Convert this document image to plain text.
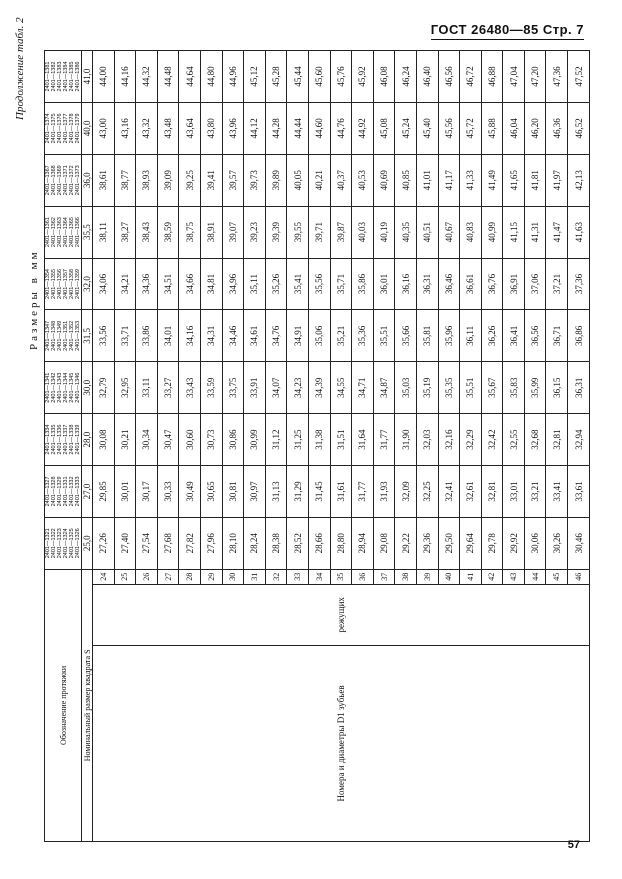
ГОСТ 26480—85 Стр. 7
Продолжение табл. 2
Размеры в мм
Обозначение протяжки	2401—1321
2401—1322
2401—1323
2401—1324
2401—1325
2401—1326	2401—1327
2401—1328
2401—1329
2401—1331
2401—1332
2401—1333	2401—1334
2401—1335
2401—1336
2401—1337
2401—1338
2401—1339	2401—1341
2401—1342
2401—1343
2401—1344
2401—1345
2401—1346	2401—1347
2401—1348
2401—1349
2401—1351
2401—1352
2401—1353	2401—1354
2401—1355
2401—1356
2401—1357
2401—1358
2401—1359	2401—1361
2401—1362
2401—1363
2401—1364
2401—1365
2401—1366	2401—1367
2401—1368
2401—1369
2401—1371
2401—1372
2401—1373	2401—1374
2401—1375
2401—1376
2401—1377
2401—1378
2401—1379	2401—1381
2401—1382
2401—1383
2401—1384
2401—1385
2401—1386
Номинальный размер квадрата S			25,0	27,0	28,0	30,0	31,5	32,0	35,5	36,0	40,0	41,0
Номера и диаметры D1 зубьев	режущих	24	27,26	29,85	30,08	32,79	33,56	34,06	38,11	38,61	43,00	44,00
		25	27,40	30,01	30,21	32,95	33,71	34,21	38,27	38,77	43,16	44,16
		26	27,54	30,17	30,34	33,11	33,86	34,36	38,43	38,93	43,32	44,32
		27	27,68	30,33	30,47	33,27	34,01	34,51	38,59	39,09	43,48	44,48
		28	27,82	30,49	30,60	33,43	34,16	34,66	38,75	39,25	43,64	44,64
		29	27,96	30,65	30,73	33,59	34,31	34,81	38,91	39,41	43,80	44,80
		30	28,10	30,81	30,86	33,75	34,46	34,96	39,07	39,57	43,96	44,96
		31	28,24	30,97	30,99	33,91	34,61	35,11	39,23	39,73	44,12	45,12
		32	28,38	31,13	31,12	34,07	34,76	35,26	39,39	39,89	44,28	45,28
		33	28,52	31,29	31,25	34,23	34,91	35,41	39,55	40,05	44,44	45,44
		34	28,66	31,45	31,38	34,39	35,06	35,56	39,71	40,21	44,60	45,60
		35	28,80	31,61	31,51	34,55	35,21	35,71	39,87	40,37	44,76	45,76
		36	28,94	31,77	31,64	34,71	35,36	35,86	40,03	40,53	44,92	45,92
		37	29,08	31,93	31,77	34,87	35,51	36,01	40,19	40,69	45,08	46,08
		38	29,22	32,09	31,90	35,03	35,66	36,16	40,35	40,85	45,24	46,24
		39	29,36	32,25	32,03	35,19	35,81	36,31	40,51	41,01	45,40	46,40
		40	29,50	32,41	32,16	35,35	35,96	36,46	40,67	41,17	45,56	46,56
		41	29,64	32,61	32,29	35,51	36,11	36,61	40,83	41,33	45,72	46,72
		42	29,78	32,81	32,42	35,67	36,26	36,76	40,99	41,49	45,88	46,88
		43	29,92	33,01	32,55	35,83	36,41	36,91	41,15	41,65	46,04	47,04
		44	30,06	33,21	32,68	35,99	36,56	37,06	41,31	41,81	46,20	47,20
		45	30,26	33,41	32,81	36,15	36,71	37,21	41,47	41,97	46,36	47,36
		46	30,46	33,61	32,94	36,31	36,86	37,36	41,63	42,13	46,52	47,52
57
